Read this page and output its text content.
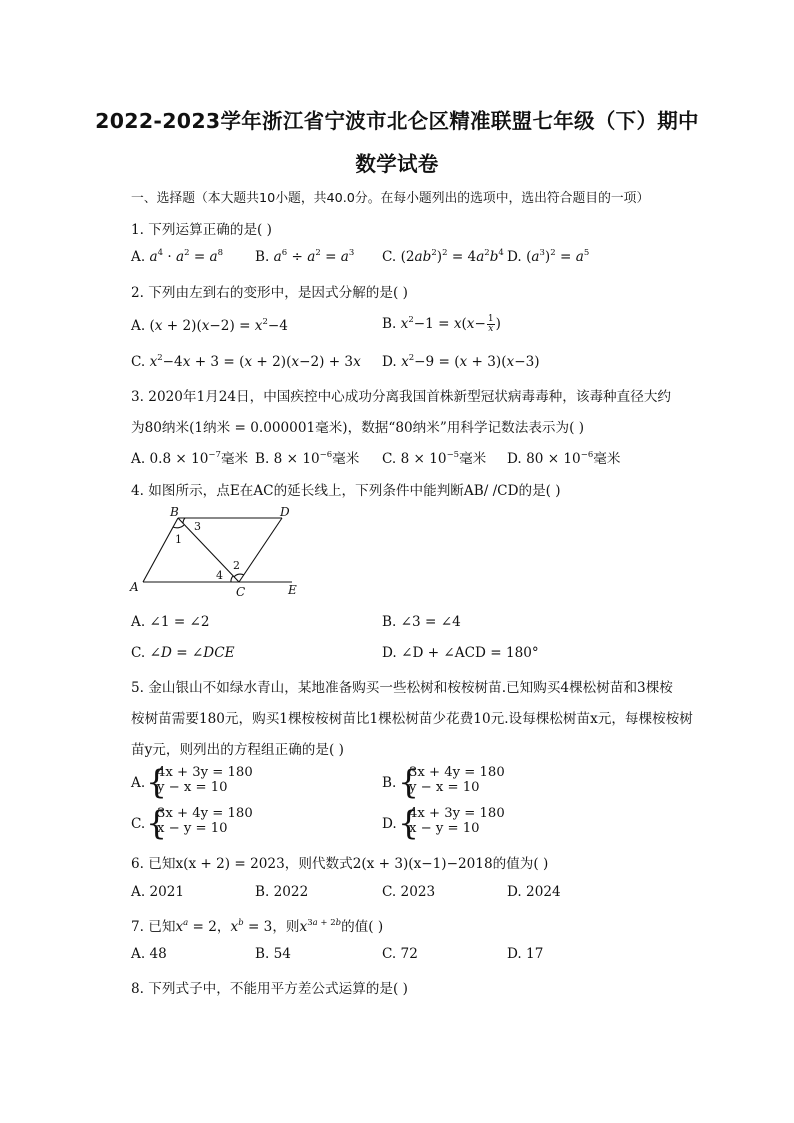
2022-2023学年浙江省宁波市北仑区精准联盟七年级（下）期中
数学试卷
一、选择题（本大题共10小题，共40.0分。在每小题列出的选项中，选出符合题目的一项）
1. 下列运算正确的是( )
A. $a^4 \cdot a^2 = a^8$ B. $a^6 \div a^2 = a^3$ C. $(2ab^2)^2 = 4a^2b^4$ D. $(a^3)^2 = a^5$
2. 下列由左到右的变形中，是因式分解的是( )
A. $(x + 2)(x-2) = x^2-4$	B. $x^2-1 = x(x- \frac{1}{x}$ )
C. $x^2-4x + 3 = (x + 2)(x-2) + 3x$ D. $x^2-9 = (x + 3)(x-3)$
3. 2020年1月24日，中国疾控中心成功分离我国首株新型冠状病毒毒种，该毒种直径大约
为80纳米(1纳米 = 0.000001毫米)，数据“80纳米”用科学记数法表示为( )
A. $0.8 \times 10^{-7}$毫米 B. $8 \times 10^{-6}$毫米 C. $8 \times 10^{-5}$毫米 D. $80 \times 10^{-6}$毫米
4. 如图所示，点E在AC的延长线上，下列条件中能判断AB/ /CD的是( )
B	D
A	C	E
3
1
2
4
A. ∠1 = ∠2	B. ∠3 = ∠4
C. ∠D = ∠DCE	D. ∠D + ∠ACD = 180°
5. 金山银山不如绿水青山，某地准备购买一些松树和桉桉树苗.已知购买4棵松树苗和3棵桉
桉树苗需要180元，购买1棵桉桉树苗比1棵松树苗少花费10元.设每棵松树苗x元，每棵桉桉树
苗y元，则列出的方程组正确的是( )
A. {
4x + 3y = 180
y − x = 10	B. {
3x + 4y = 180
y − x = 10
C. {
3x + 4y = 180
x − y = 10	D. {
4x + 3y = 180
x − y = 10
6. 已知x(x + 2) = 2023，则代数式2(x + 3)(x−1)−2018的值为( )
A. 2021	B. 2022	C. 2023	D. 2024
7. 已知$x^a = 2$，$x^b = 3$，则$x^{3a + 2b}$的值( )
A. 48	B. 54	C. 72	D. 17
8. 下列式子中，不能用平方差公式运算的是( )
